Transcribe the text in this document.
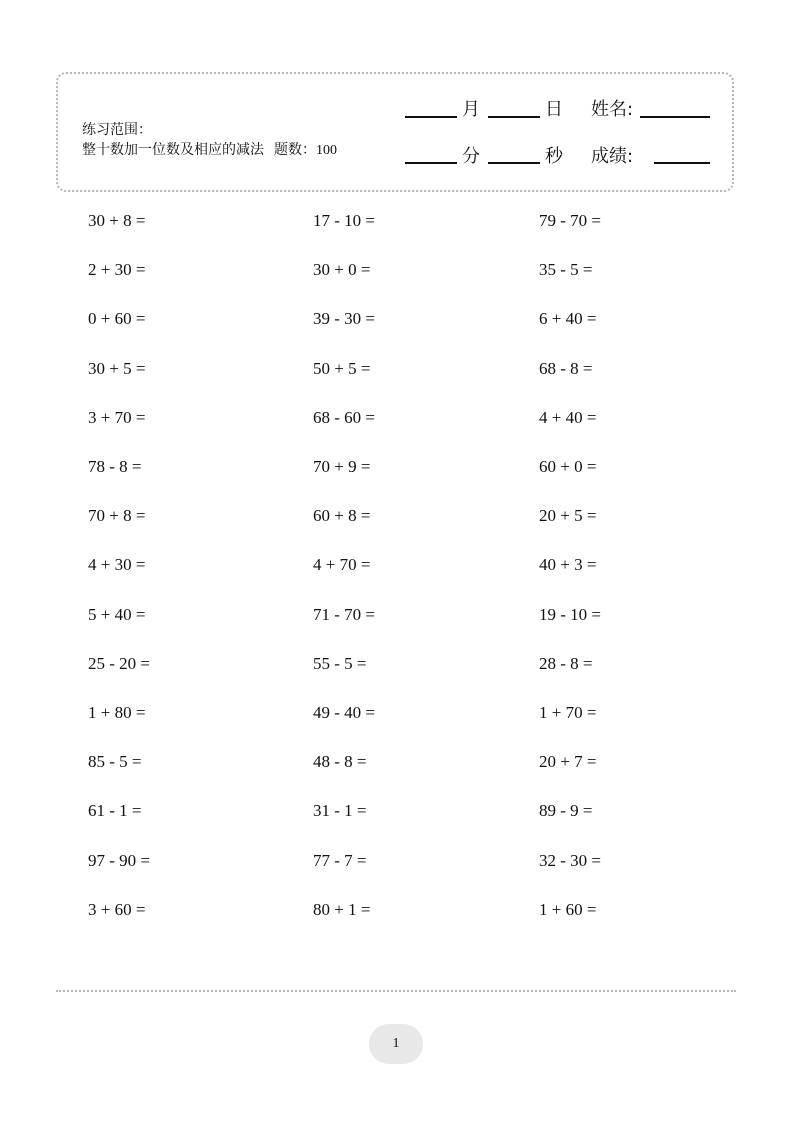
练习范围：
整十数加一位数及相应的减法 题数：100
月	日 姓名:
分	秒 成绩:
30 + 8 =
2 + 30 =
0 + 60 =
30 + 5 =
3 + 70 =
78 - 8 =
70 + 8 =
4 + 30 =
5 + 40 =
25 - 20 =
1 + 80 =
85 - 5 =
61 - 1 =
97 - 90 =
3 + 60 =
17 - 10 =
30 + 0 =
39 - 30 =
50 + 5 =
68 - 60 =
70 + 9 =
60 + 8 =
4 + 70 =
71 - 70 =
55 - 5 =
49 - 40 =
48 - 8 =
31 - 1 =
77 - 7 =
80 + 1 =
79 - 70 =
35 - 5 =
6 + 40 =
68 - 8 =
4 + 40 =
60 + 0 =
20 + 5 =
40 + 3 =
19 - 10 =
28 - 8 =
1 + 70 =
20 + 7 =
89 - 9 =
32 - 30 =
1 + 60 =
1
